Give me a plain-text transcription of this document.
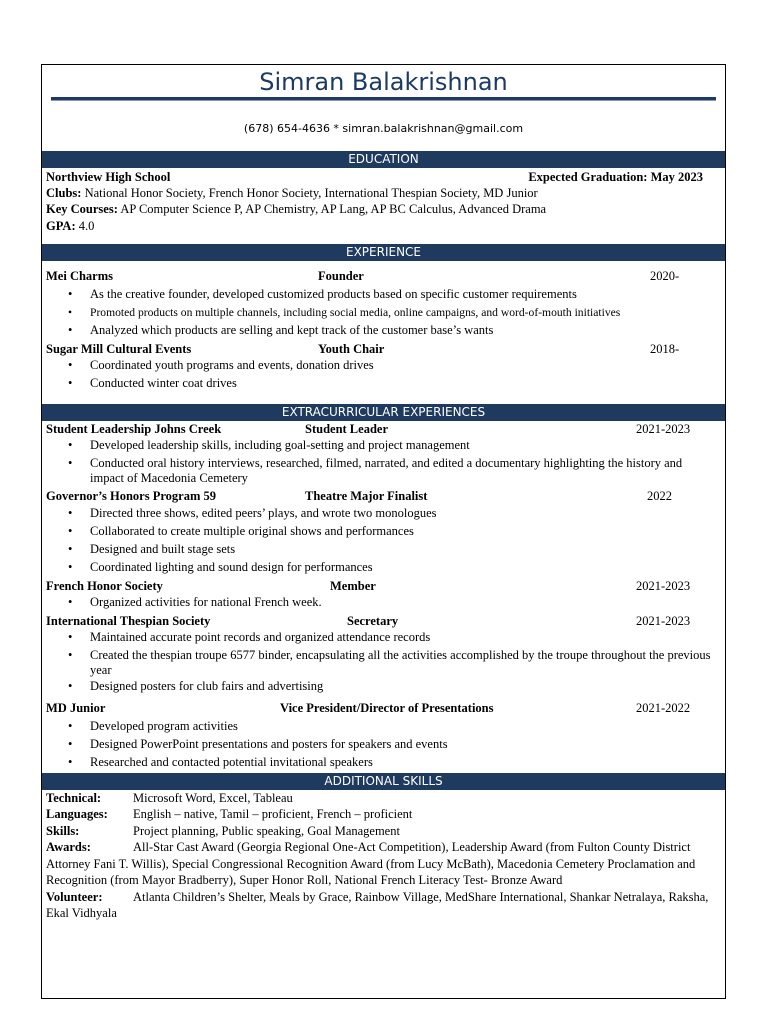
Simran Balakrishnan
(678) 654-4636 * simran.balakrishnan@gmail.com
EDUCATION
Northview High School	Expected Graduation: May 2023
Clubs: National Honor Society, French Honor Society, International Thespian Society, MD Junior
Key Courses: AP Computer Science P, AP Chemistry, AP Lang, AP BC Calculus, Advanced Drama
GPA: 4.0
EXPERIENCE
Mei Charms	Founder	2020-
• As the creative founder, developed customized products based on specific customer requirements
• Promoted products on multiple channels, including social media, online campaigns, and word-of-mouth initiatives
• Analyzed which products are selling and kept track of the customer base’s wants
Sugar Mill Cultural Events	Youth Chair	2018-
• Coordinated youth programs and events, donation drives
• Conducted winter coat drives
EXTRACURRICULAR EXPERIENCES
Student Leadership Johns Creek	Student Leader	2021-2023
• Developed leadership skills, including goal-setting and project management
• Conducted oral history interviews, researched, filmed, narrated, and edited a documentary highlighting the history and impact of Macedonia Cemetery
Governor’s Honors Program 59	Theatre Major Finalist	2022
• Directed three shows, edited peers’ plays, and wrote two monologues
• Collaborated to create multiple original shows and performances
• Designed and built stage sets
• Coordinated lighting and sound design for performances
French Honor Society	Member	2021-2023
• Organized activities for national French week.
International Thespian Society	Secretary	2021-2023
• Maintained accurate point records and organized attendance records
• Created the thespian troupe 6577 binder, encapsulating all the activities accomplished by the troupe throughout the previous year
• Designed posters for club fairs and advertising
MD Junior	Vice President/Director of Presentations	2021-2022
• Developed program activities
• Designed PowerPoint presentations and posters for speakers and events
• Researched and contacted potential invitational speakers
ADDITIONAL SKILLS
Technical:	Microsoft Word, Excel, Tableau
Languages: English – native, Tamil – proficient, French – proficient
Skills:	Project planning, Public speaking, Goal Management
Awards:	All-Star Cast Award (Georgia Regional One-Act Competition), Leadership Award (from Fulton County District Attorney Fani T. Willis), Special Congressional Recognition Award (from Lucy McBath), Macedonia Cemetery Proclamation and Recognition (from Mayor Bradberry), Super Honor Roll, National French Literacy Test- Bronze Award
Volunteer: Atlanta Children’s Shelter, Meals by Grace, Rainbow Village, MedShare International, Shankar Netralaya, Raksha, Ekal Vidhyala
